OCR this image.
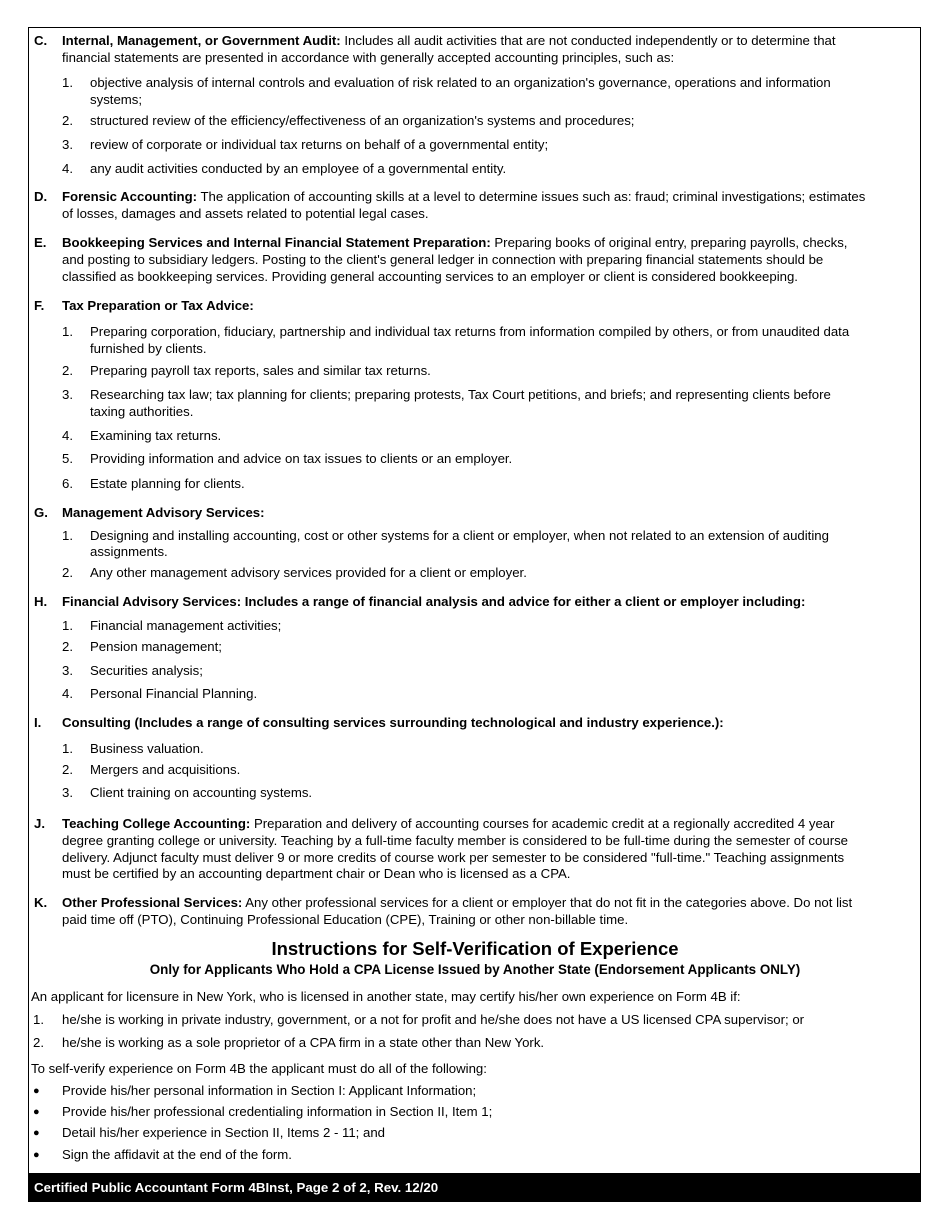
C. Internal, Management, or Government Audit: Includes all audit activities that are not conducted independently or to determine that
financial statements are presented in accordance with generally accepted accounting principles, such as:
1. objective analysis of internal controls and evaluation of risk related to an organization's governance, operations and information
systems;
2. structured review of the efficiency/effectiveness of an organization's systems and procedures;
3. review of corporate or individual tax returns on behalf of a governmental entity;
4. any audit activities conducted by an employee of a governmental entity.
D. Forensic Accounting: The application of accounting skills at a level to determine issues such as: fraud; criminal investigations; estimates
of losses, damages and assets related to potential legal cases.
E. Bookkeeping Services and Internal Financial Statement Preparation: Preparing books of original entry, preparing payrolls, checks,
and posting to subsidiary ledgers. Posting to the client's general ledger in connection with preparing financial statements should be
classified as bookkeeping services. Providing general accounting services to an employer or client is considered bookkeeping.
F. Tax Preparation or Tax Advice:
1. Preparing corporation, fiduciary, partnership and individual tax returns from information compiled by others, or from unaudited data
furnished by clients.
2. Preparing payroll tax reports, sales and similar tax returns.
3. Researching tax law; tax planning for clients; preparing protests, Tax Court petitions, and briefs; and representing clients before
taxing authorities.
4. Examining tax returns.
5. Providing information and advice on tax issues to clients or an employer.
6. Estate planning for clients.
G. Management Advisory Services:
1. Designing and installing accounting, cost or other systems for a client or employer, when not related to an extension of auditing
assignments.
2. Any other management advisory services provided for a client or employer.
H. Financial Advisory Services: Includes a range of financial analysis and advice for either a client or employer including:
1. Financial management activities;
2. Pension management;
3. Securities analysis;
4. Personal Financial Planning.
I. Consulting (Includes a range of consulting services surrounding technological and industry experience.):
1. Business valuation.
2. Mergers and acquisitions.
3. Client training on accounting systems.
J. Teaching College Accounting: Preparation and delivery of accounting courses for academic credit at a regionally accredited 4 year
degree granting college or university. Teaching by a full-time faculty member is considered to be full-time during the semester of course
delivery. Adjunct faculty must deliver 9 or more credits of course work per semester to be considered "full-time." Teaching assignments
must be certified by an accounting department chair or Dean who is licensed as a CPA.
K. Other Professional Services: Any other professional services for a client or employer that do not fit in the categories above. Do not list
paid time off (PTO), Continuing Professional Education (CPE), Training or other non-billable time.
Instructions for Self-Verification of Experience
Only for Applicants Who Hold a CPA License Issued by Another State (Endorsement Applicants ONLY)
An applicant for licensure in New York, who is licensed in another state, may certify his/her own experience on Form 4B if:
1. he/she is working in private industry, government, or a not for profit and he/she does not have a US licensed CPA supervisor; or
2. he/she is working as a sole proprietor of a CPA firm in a state other than New York.
To self-verify experience on Form 4B the applicant must do all of the following:
● Provide his/her personal information in Section I: Applicant Information;
● Provide his/her professional credentialing information in Section II, Item 1;
● Detail his/her experience in Section II, Items 2 - 11; and
● Sign the affidavit at the end of the form.
Certified Public Accountant Form 4BInst, Page 2 of 2, Rev. 12/20
